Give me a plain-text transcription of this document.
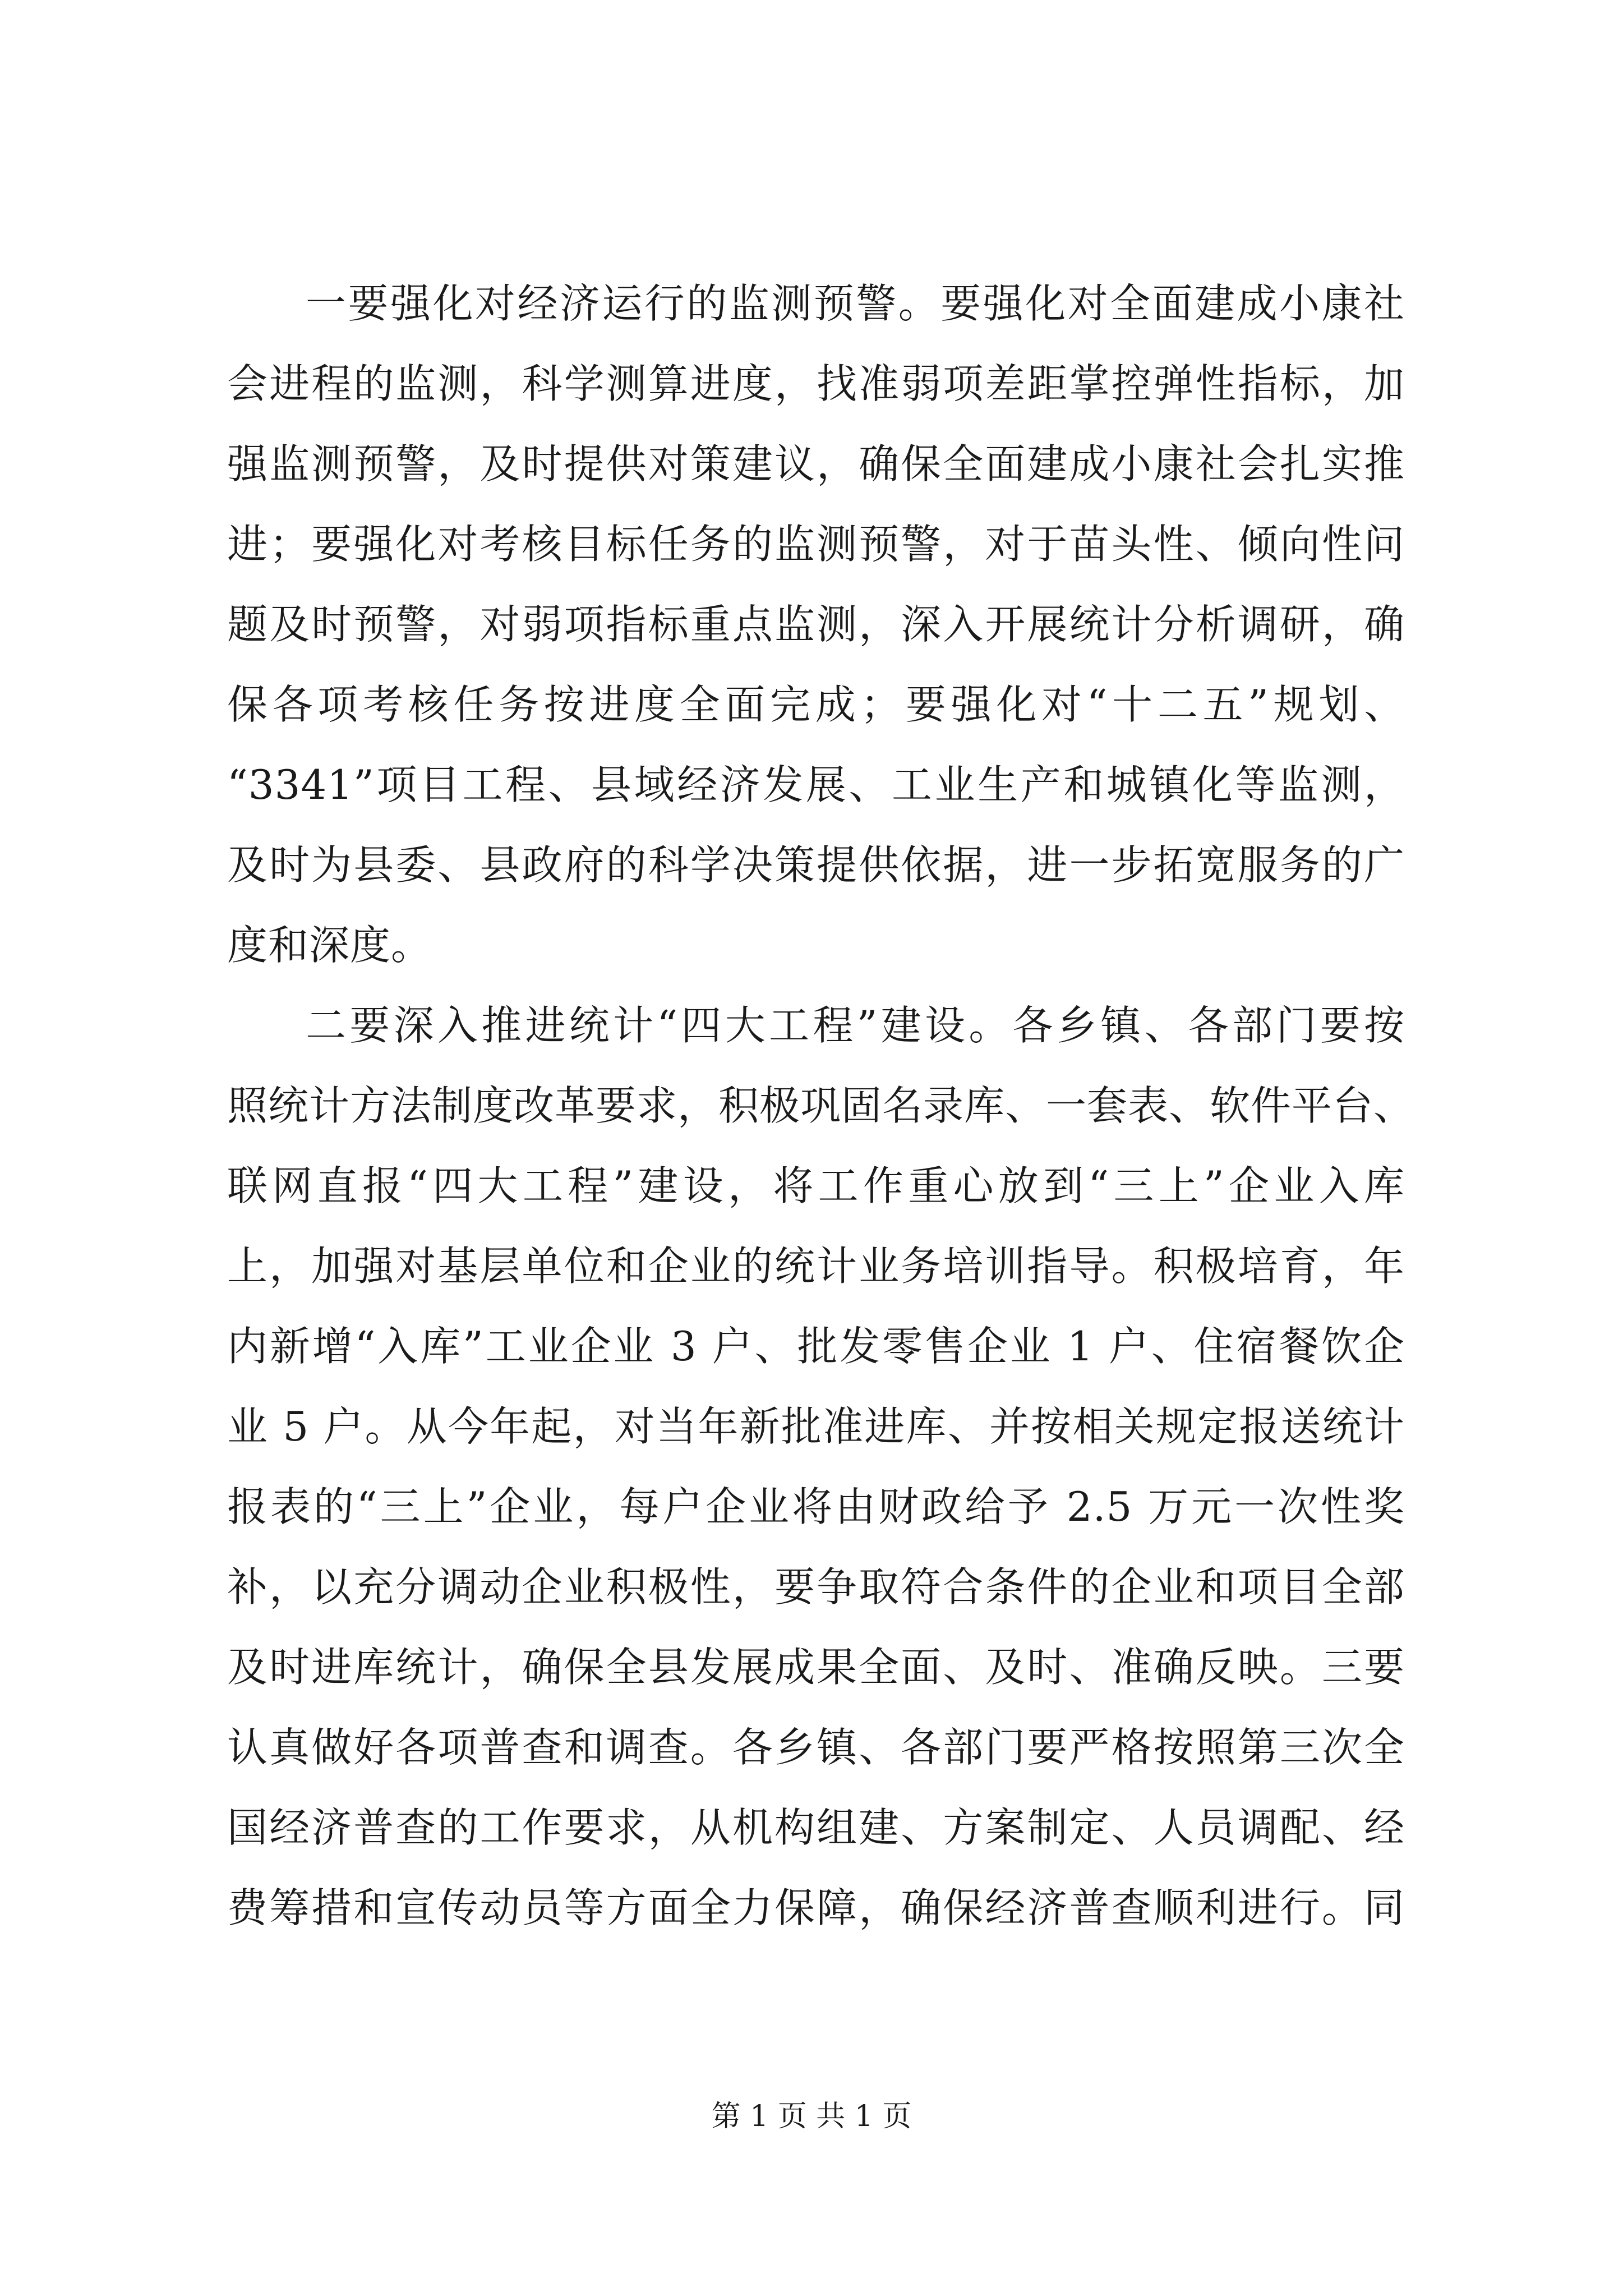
一要强化对经济运行的监测预警。要强化对全面建成小康社
会进程的监测，科学测算进度，找准弱项差距掌控弹性指标，加
强监测预警，及时提供对策建议，确保全面建成小康社会扎实推
进；要强化对考核目标任务的监测预警，对于苗头性、倾向性问
题及时预警，对弱项指标重点监测，深入开展统计分析调研，确
保各项考核任务按进度全面完成；要强化对“十二五”规划、
“3341”项目工程、县域经济发展、工业生产和城镇化等监测，
及时为县委、县政府的科学决策提供依据，进一步拓宽服务的广
度和深度。
二要深入推进统计“四大工程”建设。各乡镇、各部门要按
照统计方法制度改革要求，积极巩固名录库、一套表、软件平台、
联网直报“四大工程”建设，将工作重心放到“三上”企业入库
上，加强对基层单位和企业的统计业务培训指导。积极培育，年
内新增“入库”工业企业 3 户、批发零售企业 1 户、住宿餐饮企
业 5 户。从今年起，对当年新批准进库、并按相关规定报送统计
报表的“三上”企业，每户企业将由财政给予 2.5 万元一次性奖
补，以充分调动企业积极性，要争取符合条件的企业和项目全部
及时进库统计，确保全县发展成果全面、及时、准确反映。三要
认真做好各项普查和调查。各乡镇、各部门要严格按照第三次全
国经济普查的工作要求，从机构组建、方案制定、人员调配、经
费筹措和宣传动员等方面全力保障，确保经济普查顺利进行。同
第 1 页 共 1 页
